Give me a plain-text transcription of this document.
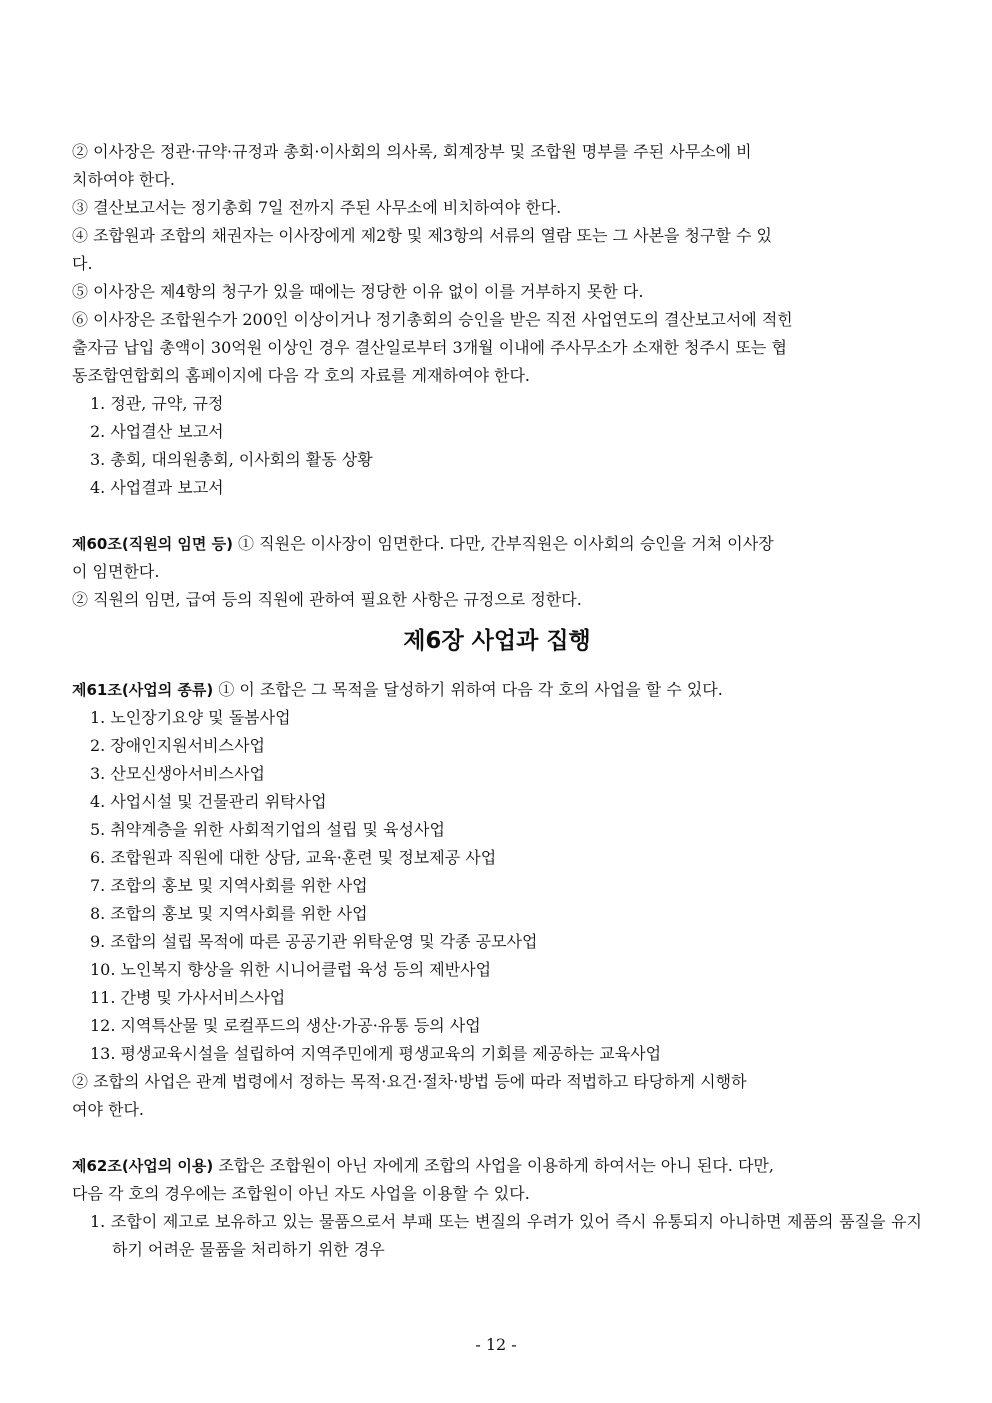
② 이사장은 정관·규약·규정과 총회·이사회의 의사록, 회계장부 및 조합원 명부를 주된 사무소에 비

치하여야 한다.

③ 결산보고서는 정기총회 7일 전까지 주된 사무소에 비치하여야 한다.

④ 조합원과 조합의 채권자는 이사장에게 제2항 및 제3항의 서류의 열람 또는 그 사본을 청구할 수 있

다.

⑤ 이사장은 제4항의 청구가 있을 때에는 정당한 이유 없이 이를 거부하지 못한 다.

⑥ 이사장은 조합원수가 200인 이상이거나 정기총회의 승인을 받은 직전 사업연도의 결산보고서에 적힌

출자금 납입 총액이 30억원 이상인 경우 결산일로부터 3개월 이내에 주사무소가 소재한 청주시 또는 협

동조합연합회의 홈페이지에 다음 각 호의 자료를 게재하여야 한다.

1. 정관, 규약, 규정

2. 사업결산 보고서

3. 총회, 대의원총회, 이사회의 활동 상황

4. 사업결과 보고서

제60조(직원의 임면 등) ① 직원은 이사장이 임면한다. 다만, 간부직원은 이사회의 승인을 거쳐 이사장

이 임면한다.

② 직원의 임면, 급여 등의 직원에 관하여 필요한 사항은 규정으로 정한다.

제6장 사업과 집행

제61조(사업의 종류) ① 이 조합은 그 목적을 달성하기 위하여 다음 각 호의 사업을 할 수 있다.

1. 노인장기요양 및 돌봄사업

2. 장애인지원서비스사업

3. 산모신생아서비스사업

4. 사업시설 및 건물관리 위탁사업

5. 취약계층을 위한 사회적기업의 설립 및 육성사업

6. 조합원과 직원에 대한 상담, 교육·훈련 및 정보제공 사업

7. 조합의 홍보 및 지역사회를 위한 사업

8. 조합의 홍보 및 지역사회를 위한 사업

9. 조합의 설립 목적에 따른 공공기관 위탁운영 및 각종 공모사업

10. 노인복지 향상을 위한 시니어클럽 육성 등의 제반사업

11. 간병 및 가사서비스사업

12. 지역특산물 및 로컬푸드의 생산·가공·유통 등의 사업

13. 평생교육시설을 설립하여 지역주민에게 평생교육의 기회를 제공하는 교육사업

② 조합의 사업은 관계 법령에서 정하는 목적·요건·절차·방법 등에 따라 적법하고 타당하게 시행하

여야 한다.

제62조(사업의 이용) 조합은 조합원이 아닌 자에게 조합의 사업을 이용하게 하여서는 아니 된다. 다만,

다음 각 호의 경우에는 조합원이 아닌 자도 사업을 이용할 수 있다.

1. 조합이 제고로 보유하고 있는 물품으로서 부패 또는 변질의 우려가 있어 즉시 유통되지 아니하면 제품의 품질을 유지하기 어려운 물품을 처리하기 위한 경우

- 12 -
